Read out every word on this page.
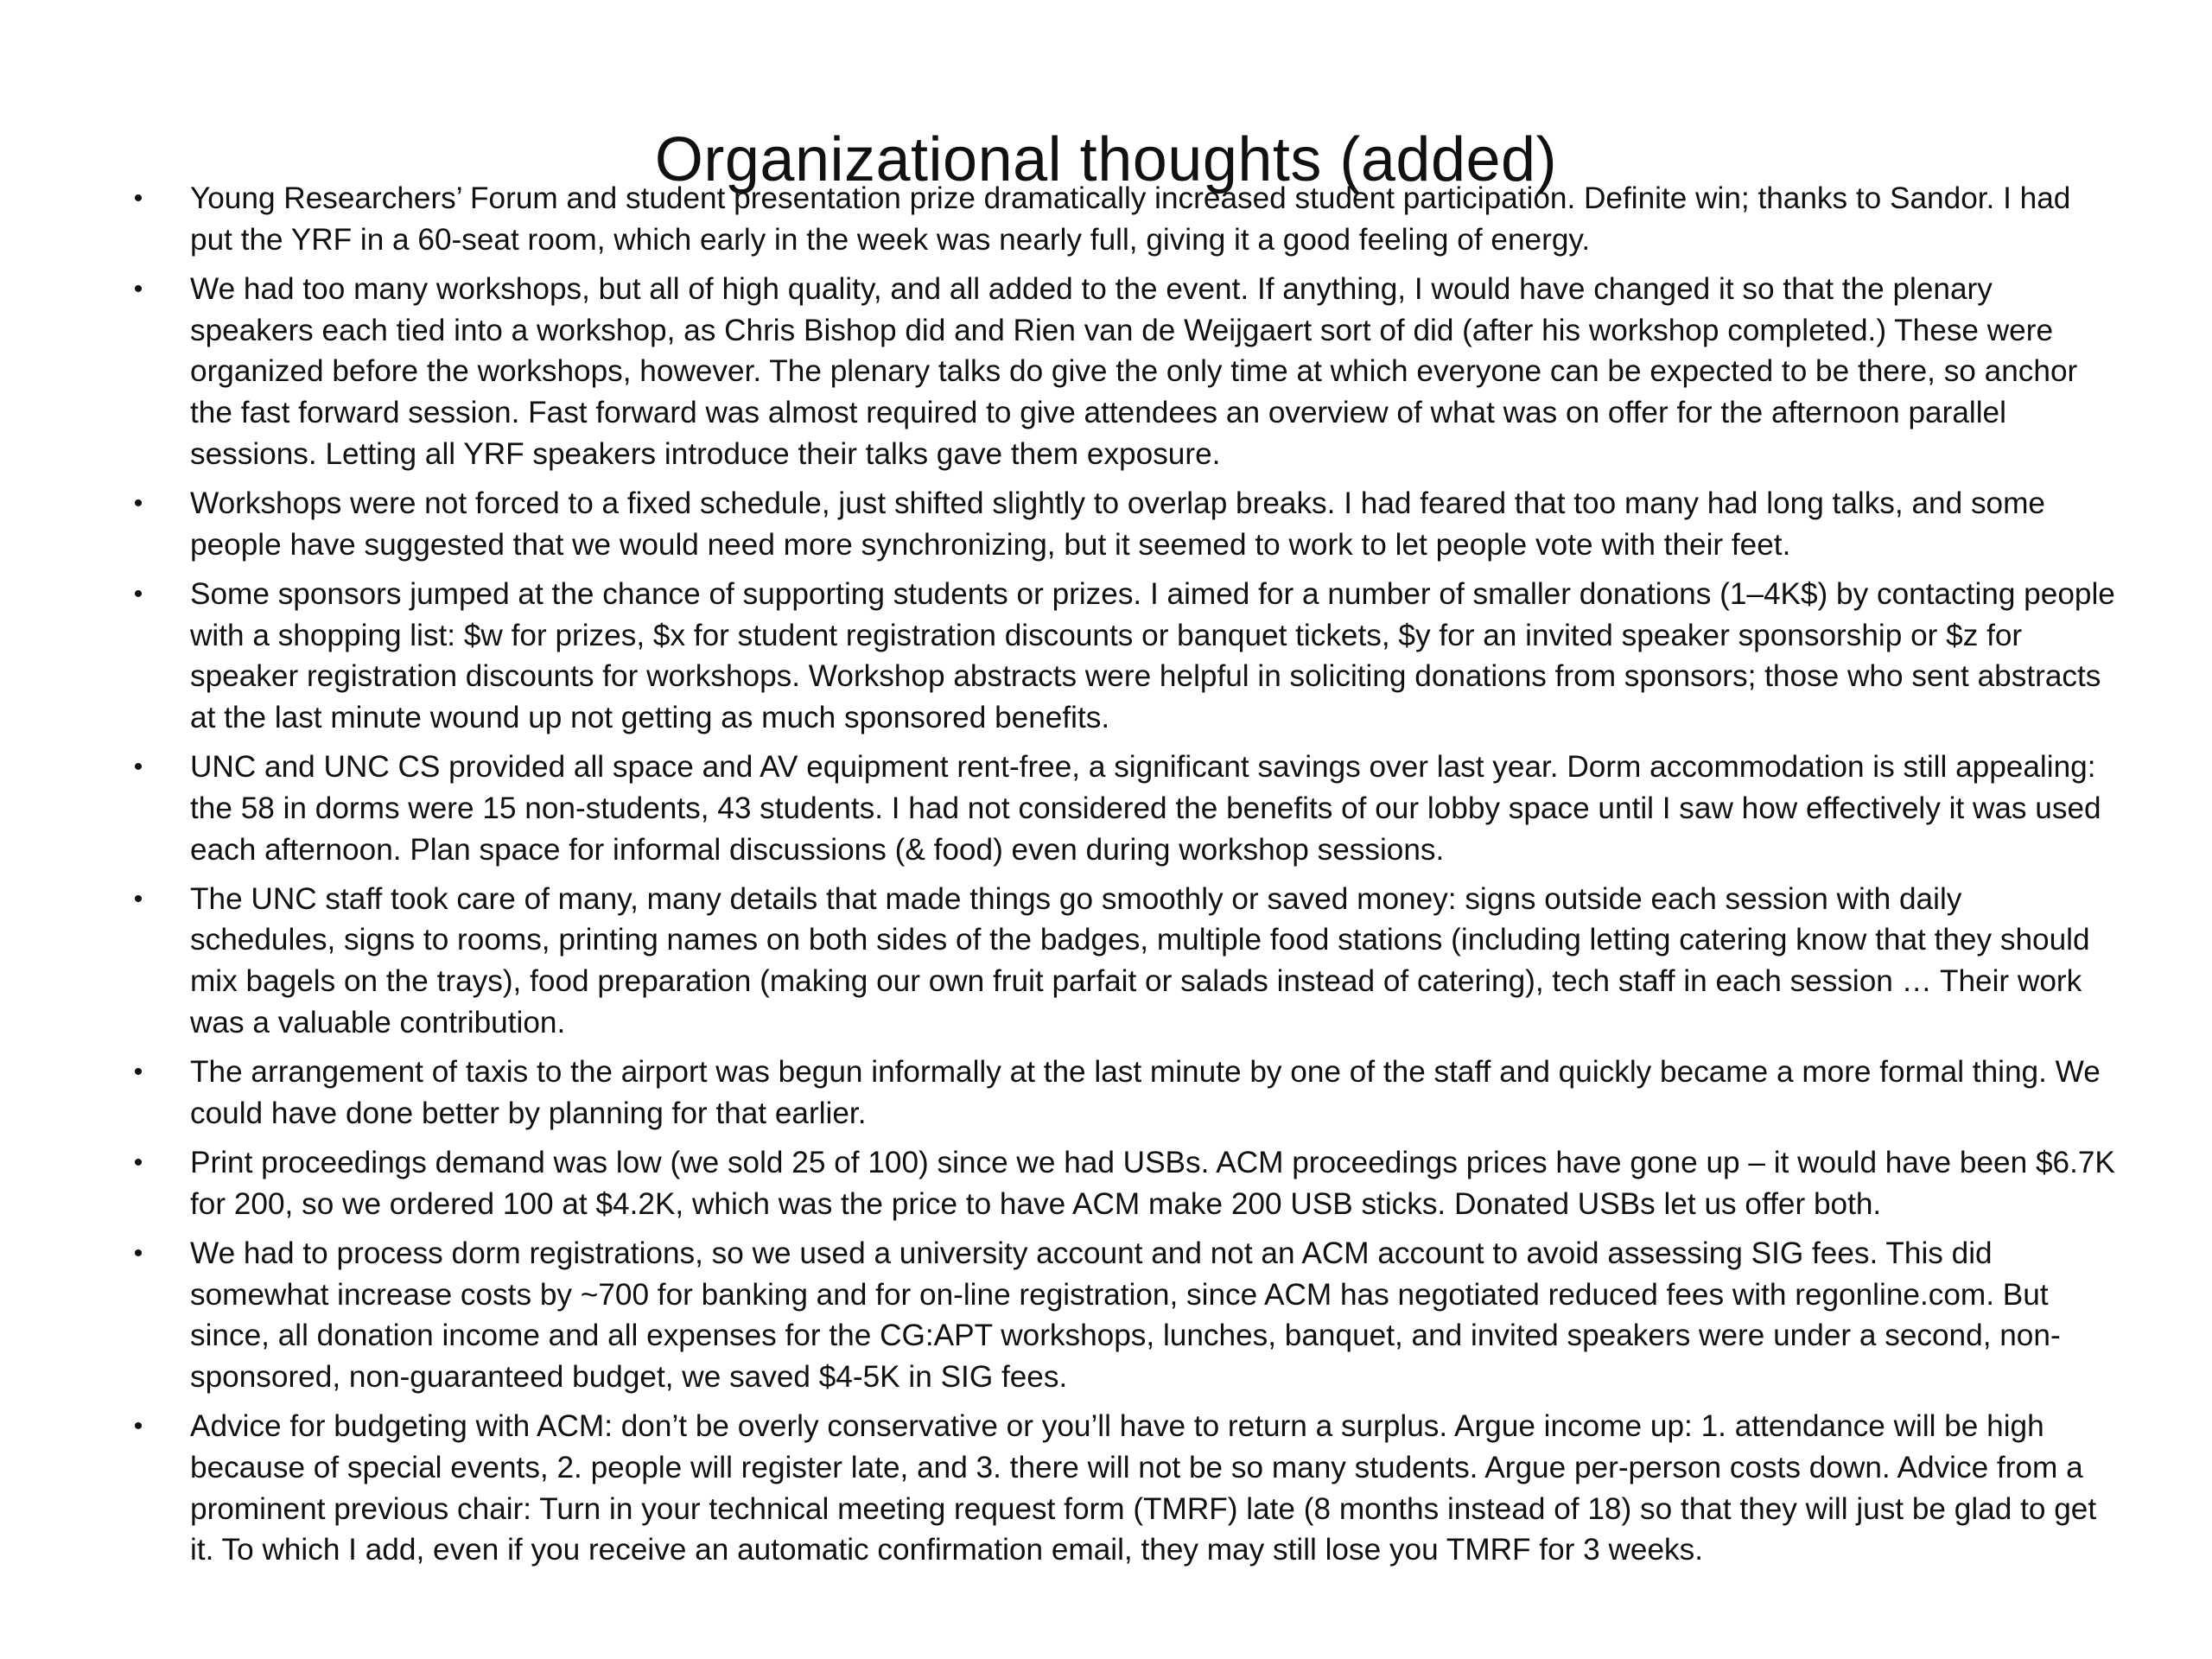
Organizational thoughts (added)
• Young Researchers’ Forum and student presentation prize dramatically increased student participation. Definite win; thanks to Sandor. I had put the YRF in a 60-seat room, which early in the week was nearly full, giving it a good feeling of energy.
• We had too many workshops, but all of high quality, and all added to the event. If anything, I would have changed it so that the plenary speakers each tied into a workshop, as Chris Bishop did and Rien van de Weijgaert sort of did (after his workshop completed.) These were organized before the workshops, however. The plenary talks do give the only time at which everyone can be expected to be there, so anchor the fast forward session. Fast forward was almost required to give attendees an overview of what was on offer for the afternoon parallel sessions. Letting all YRF speakers introduce their talks gave them exposure.
• Workshops were not forced to a fixed schedule, just shifted slightly to overlap breaks. I had feared that too many had long talks, and some people have suggested that we would need more synchronizing, but it seemed to work to let people vote with their feet.
• Some sponsors jumped at the chance of supporting students or prizes. I aimed for a number of smaller donations (1–4K$) by contacting people with a shopping list: $w for prizes, $x for student registration discounts or banquet tickets, $y for an invited speaker sponsorship or $z for speaker registration discounts for workshops. Workshop abstracts were helpful in soliciting donations from sponsors; those who sent abstracts at the last minute wound up not getting as much sponsored benefits.
• UNC and UNC CS provided all space and AV equipment rent-free, a significant savings over last year. Dorm accommodation is still appealing: the 58 in dorms were 15 non-students, 43 students. I had not considered the benefits of our lobby space until I saw how effectively it was used each afternoon. Plan space for informal discussions (& food) even during workshop sessions.
• The UNC staff took care of many, many details that made things go smoothly or saved money: signs outside each session with daily schedules, signs to rooms, printing names on both sides of the badges, multiple food stations (including letting catering know that they should mix bagels on the trays), food preparation (making our own fruit parfait or salads instead of catering), tech staff in each session … Their work was a valuable contribution.
• The arrangement of taxis to the airport was begun informally at the last minute by one of the staff and quickly became a more formal thing. We could have done better by planning for that earlier.
• Print proceedings demand was low (we sold 25 of 100) since we had USBs. ACM proceedings prices have gone up – it would have been $6.7K for 200, so we ordered 100 at $4.2K, which was the price to have ACM make 200 USB sticks. Donated USBs let us offer both.
• We had to process dorm registrations, so we used a university account and not an ACM account to avoid assessing SIG fees. This did somewhat increase costs by ~700 for banking and for on-line registration, since ACM has negotiated reduced fees with regonline.com. But since, all donation income and all expenses for the CG:APT workshops, lunches, banquet, and invited speakers were under a second, non-sponsored, non-guaranteed budget, we saved $4-5K in SIG fees.
• Advice for budgeting with ACM: don’t be overly conservative or you’ll have to return a surplus. Argue income up: 1. attendance will be high because of special events, 2. people will register late, and 3. there will not be so many students. Argue per-person costs down. Advice from a prominent previous chair: Turn in your technical meeting request form (TMRF) late (8 months instead of 18) so that they will just be glad to get it. To which I add, even if you receive an automatic confirmation email, they may still lose you TMRF for 3 weeks.
